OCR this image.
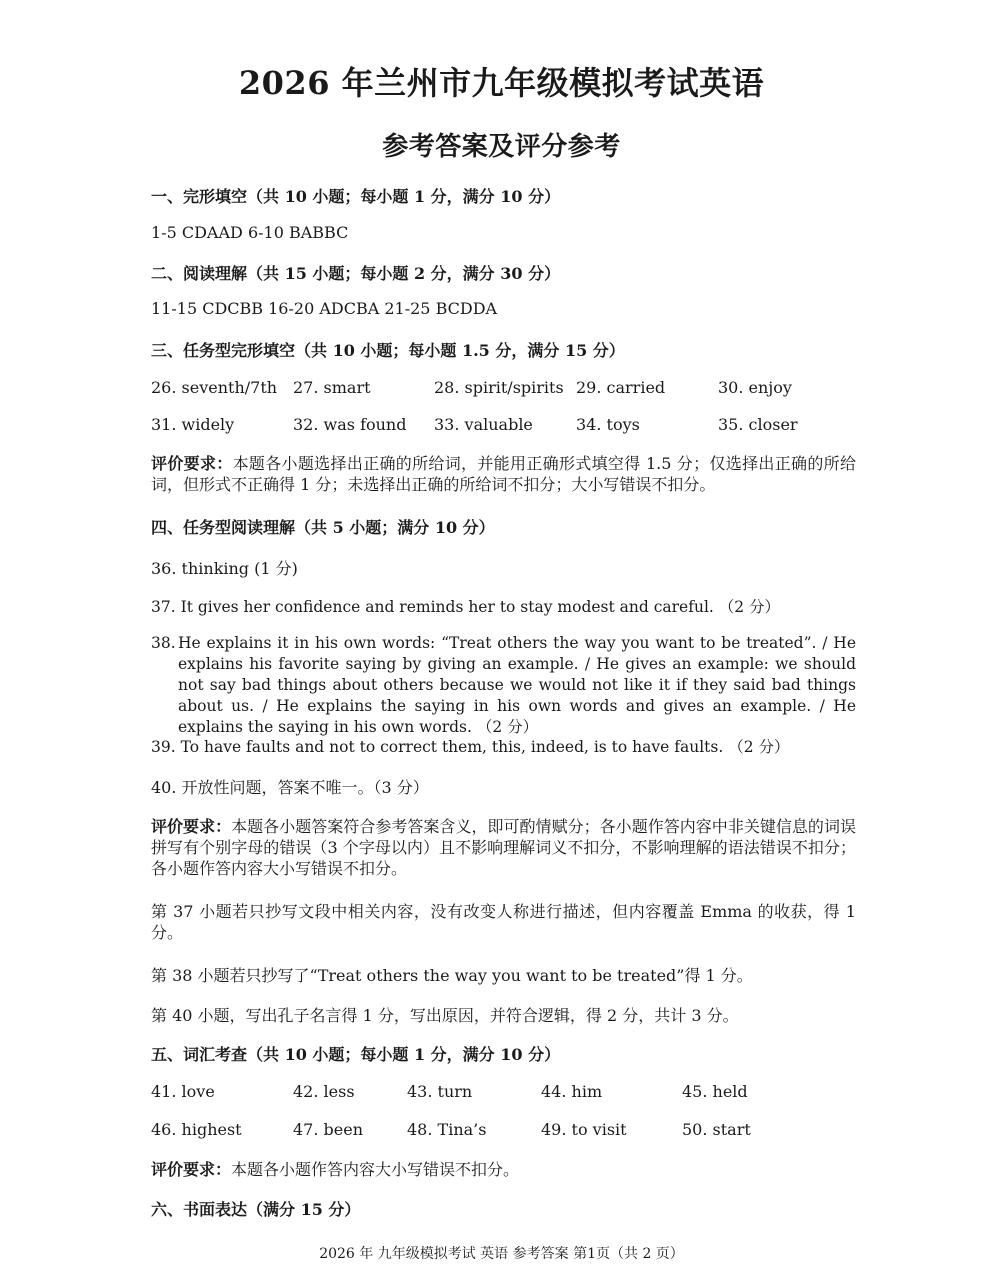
2026 年兰州市九年级模拟考试英语
参考答案及评分参考
一、完形填空（共 10 小题；每小题 1 分，满分 10 分）
1-5 CDAAD 6-10 BABBC
二、阅读理解（共 15 小题；每小题 2 分，满分 30 分）
11-15 CDCBB 16-20 ADCBA 21-25 BCDDA
三、任务型完形填空（共 10 小题；每小题 1.5 分，满分 15 分）
26. seventh/7th 27. smart	28. spirit/spirits 29. carried	30. enjoy
31. widely	32. was found 33. valuable	34. toys	35. closer
评价要求：本题各小题选择出正确的所给词，并能用正确形式填空得 1.5 分；仅选择出正确的所给词，但形式不正确得 1 分；未选择出正确的所给词不扣分；大小写错误不扣分。
四、任务型阅读理解（共 5 小题；满分 10 分）
36. thinking (1 分)
37. It gives her confidence and reminds her to stay modest and careful. （2 分）
38. He explains it in his own words: “Treat others the way you want to be treated”. / He explains his favorite saying by giving an example. / He gives an example: we should not say bad things about others because we would not like it if they said bad things about us. / He explains the saying in his own words and gives an example. / He explains the saying in his own words. （2 分）
39. To have faults and not to correct them, this, indeed, is to have faults. （2 分）
40. 开放性问题，答案不唯一。（3 分）
评价要求：本题各小题答案符合参考答案含义，即可酌情赋分；各小题作答内容中非关键信息的词误拼写有个别字母的错误（3 个字母以内）且不影响理解词义不扣分，不影响理解的语法错误不扣分；各小题作答内容大小写错误不扣分。
第 37 小题若只抄写文段中相关内容，没有改变人称进行描述，但内容覆盖 Emma 的收获，得 1 分。
第 38 小题若只抄写了“Treat others the way you want to be treated”得 1 分。
第 40 小题，写出孔子名言得 1 分，写出原因，并符合逻辑，得 2 分，共计 3 分。
五、词汇考查（共 10 小题；每小题 1 分，满分 10 分）
41. love	42. less	43. turn	44. him	45. held
46. highest	47. been	48. Tina’s	49. to visit	50. start
评价要求：本题各小题作答内容大小写错误不扣分。
六、书面表达（满分 15 分）
2026 年 九年级模拟考试 英语 参考答案 第1页（共 2 页）
